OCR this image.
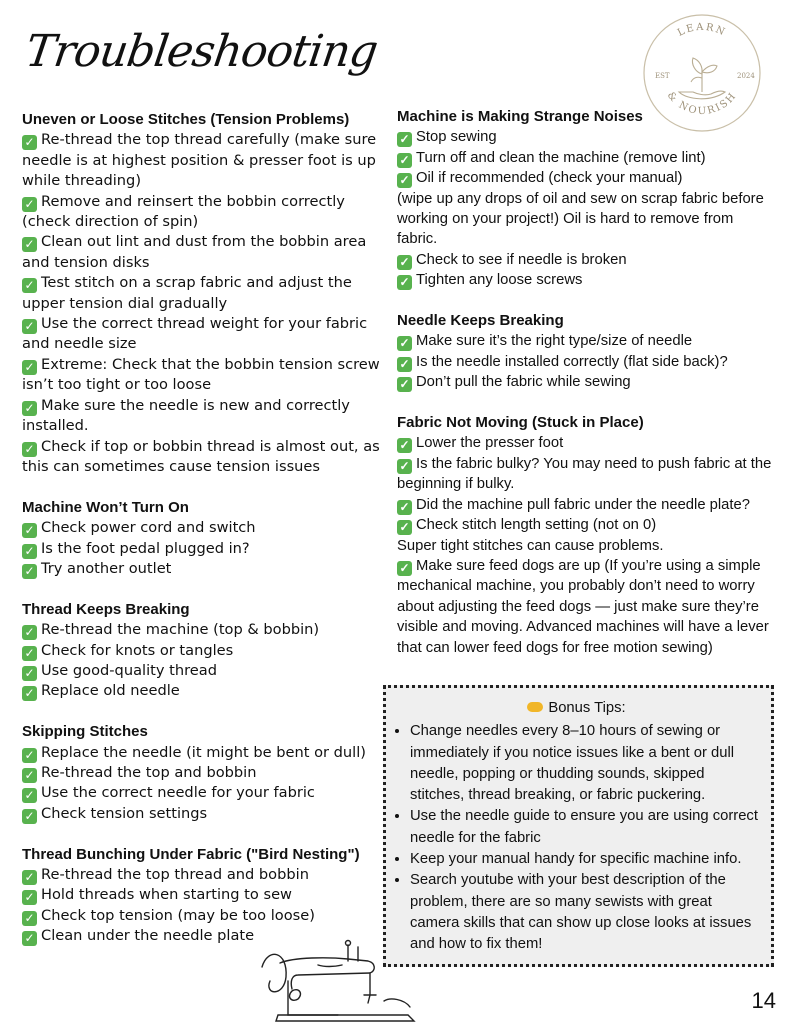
Troubleshooting	LEARN
& NOURISH
EST	2024
Uneven or Loose Stitches (Tension Problems)
✓ Re-thread the top thread carefully (make sure needle is at highest position & presser foot is up while threading)
✓ Remove and reinsert the bobbin correctly (check direction of spin)
✓ Clean out lint and dust from the bobbin area and tension disks
✓ Test stitch on a scrap fabric and adjust the upper tension dial gradually
✓ Use the correct thread weight for your fabric and needle size
✓ Extreme: Check that the bobbin tension screw isn’t too tight or too loose
✓ Make sure the needle is new and correctly installed.
✓ Check if top or bobbin thread is almost out, as this can sometimes cause tension issues
Machine Won’t Turn On
✓ Check power cord and switch
✓ Is the foot pedal plugged in?
✓ Try another outlet
Thread Keeps Breaking
✓ Re-thread the machine (top & bobbin)
✓ Check for knots or tangles
✓ Use good-quality thread
✓ Replace old needle
Skipping Stitches
✓ Replace the needle (it might be bent or dull)
✓ Re-thread the top and bobbin
✓ Use the correct needle for your fabric
✓ Check tension settings
Thread Bunching Under Fabric ("Bird Nesting")
✓ Re-thread the top thread and bobbin
✓ Hold threads when starting to sew
✓ Check top tension (may be too loose)
✓ Clean under the needle plate
Machine is Making Strange Noises
✓ Stop sewing
✓ Turn off and clean the machine (remove lint)
✓ Oil if recommended (check your manual)
(wipe up any drops of oil and sew on scrap fabric before working on your project!) Oil is hard to remove from fabric.
✓ Check to see if needle is broken
✓ Tighten any loose screws
Needle Keeps Breaking
✓ Make sure it’s the right type/size of needle
✓ Is the needle installed correctly (flat side back)?
✓ Don’t pull the fabric while sewing
Fabric Not Moving (Stuck in Place)
✓ Lower the presser foot
✓ Is the fabric bulky? You may need to push fabric at the beginning if bulky.
✓ Did the machine pull fabric under the needle plate?
✓ Check stitch length setting (not on 0)
Super tight stitches can cause problems.
✓ Make sure feed dogs are up (If you’re using a simple mechanical machine, you probably don’t need to worry about adjusting the feed dogs — just make sure they’re visible and moving. Advanced machines will have a lever that can lower feed dogs for free motion sewing)
Bonus Tips:
• Change needles every 8–10 hours of sewing or immediately if you notice issues like a bent or dull needle, popping or thudding sounds, skipped stitches, thread breaking, or fabric puckering.
• Use the needle guide to ensure you are using correct needle for the fabric
• Keep your manual handy for specific machine info.
• Search youtube with your best description of the problem, there are so many sewists with great camera skills that can show up close looks at issues and how to fix them!
14
